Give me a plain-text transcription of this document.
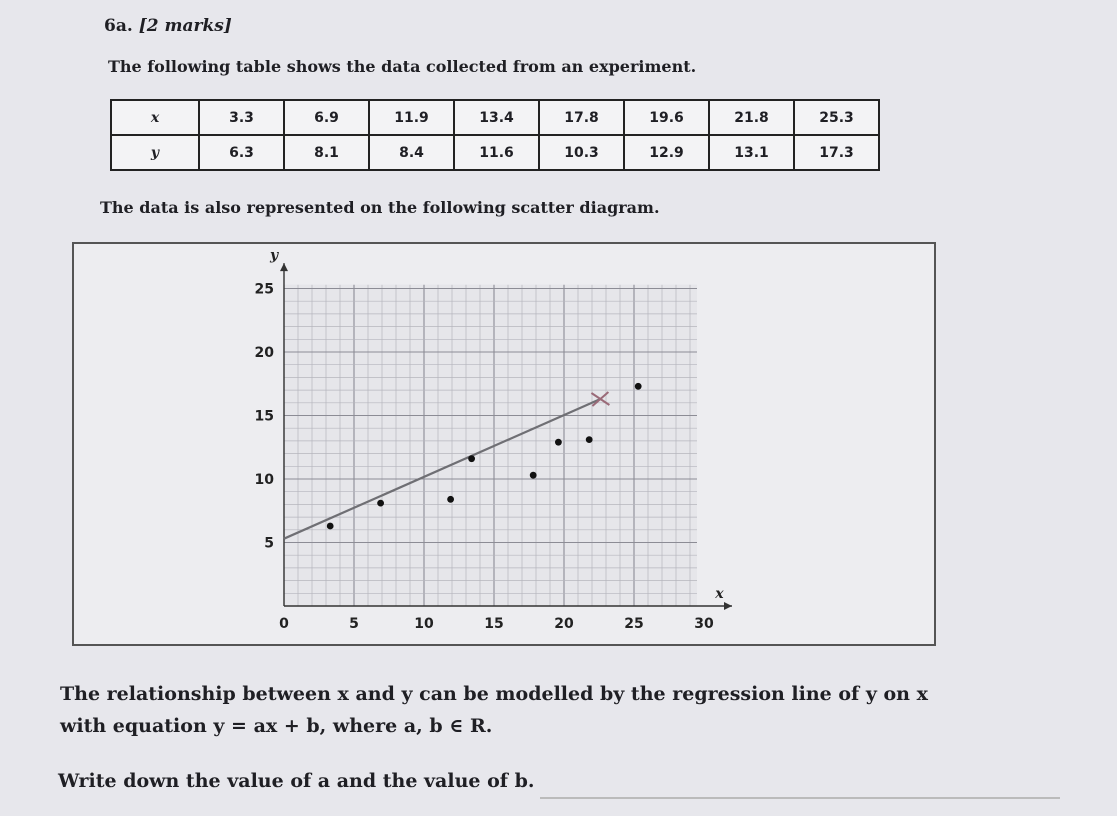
6a. [2 marks]
The following table shows the data collected from an experiment.
x	3.3	6.9	11.9	13.4	17.8	19.6	21.8	25.3
y	6.3	8.1	8.4	11.6	10.3	12.9	13.1	17.3
The data is also represented on the following scatter diagram.
x
y
0	5	10	15	20	25	30
5
10
15
20
25
The relationship between x and y can be modelled by the regression line of y on x
with equation y = ax + b, where a, b ∈ R.
Write down the value of a and the value of b.
